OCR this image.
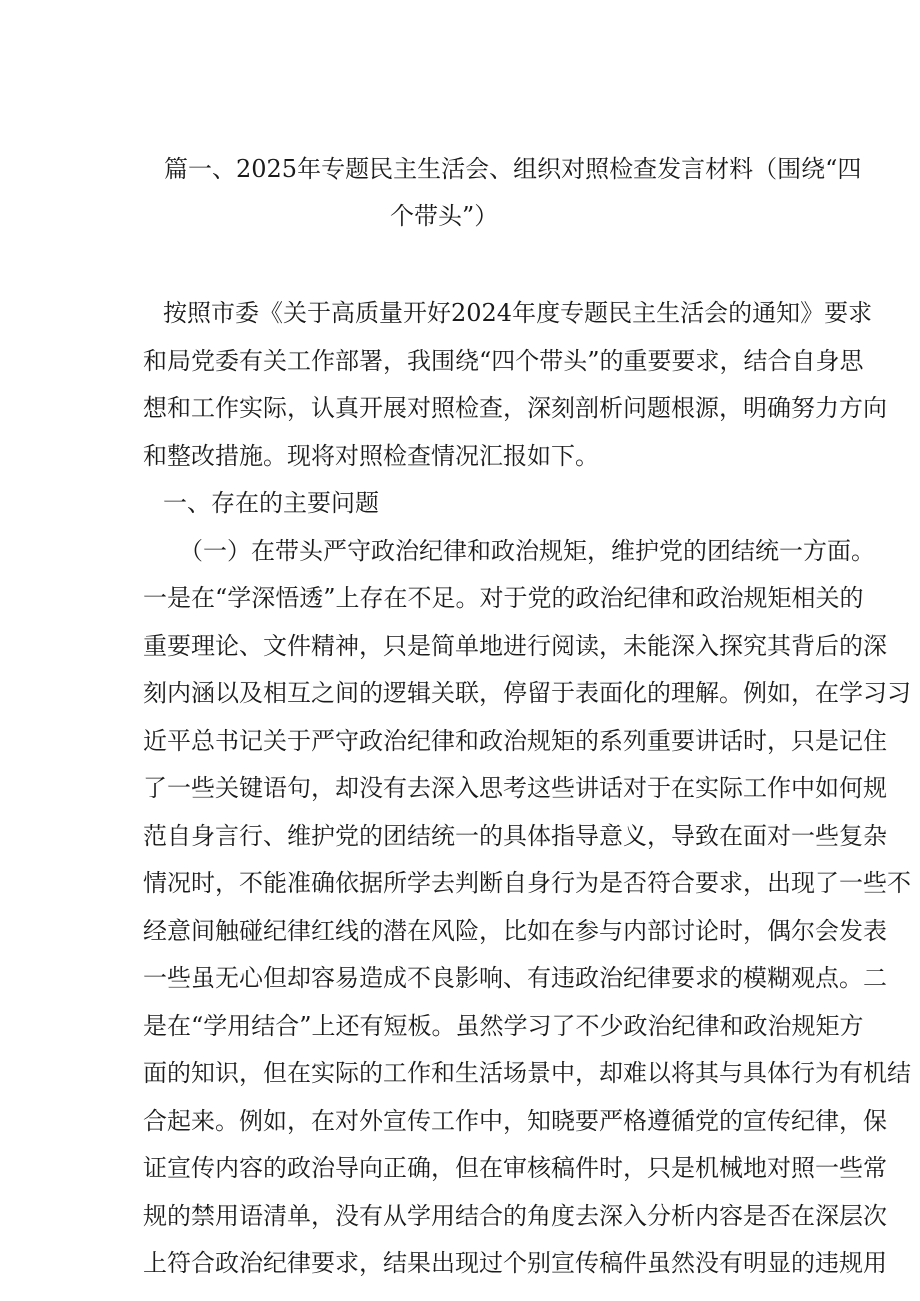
篇一、2025年专题民主生活会、组织对照检查发言材料（围绕“四
个带头”）
按照市委《关于高质量开好2024年度专题民主生活会的通知》要求
和局党委有关工作部署，我围绕“四个带头”的重要要求，结合自身思
想和工作实际，认真开展对照检查，深刻剖析问题根源，明确努力方向
和整改措施。现将对照检查情况汇报如下。
一、存在的主要问题
（一）在带头严守政治纪律和政治规矩，维护党的团结统一方面。
一是在“学深悟透”上存在不足。对于党的政治纪律和政治规矩相关的
重要理论、文件精神，只是简单地进行阅读，未能深入探究其背后的深
刻内涵以及相互之间的逻辑关联，停留于表面化的理解。例如，在学习习
近平总书记关于严守政治纪律和政治规矩的系列重要讲话时，只是记住
了一些关键语句，却没有去深入思考这些讲话对于在实际工作中如何规
范自身言行、维护党的团结统一的具体指导意义，导致在面对一些复杂
情况时，不能准确依据所学去判断自身行为是否符合要求，出现了一些不
经意间触碰纪律红线的潜在风险，比如在参与内部讨论时，偶尔会发表
一些虽无心但却容易造成不良影响、有违政治纪律要求的模糊观点。二
是在“学用结合”上还有短板。虽然学习了不少政治纪律和政治规矩方
面的知识，但在实际的工作和生活场景中，却难以将其与具体行为有机结
合起来。例如，在对外宣传工作中，知晓要严格遵循党的宣传纪律，保
证宣传内容的政治导向正确，但在审核稿件时，只是机械地对照一些常
规的禁用语清单，没有从学用结合的角度去深入分析内容是否在深层次
上符合政治纪律要求，结果出现过个别宣传稿件虽然没有明显的违规用
